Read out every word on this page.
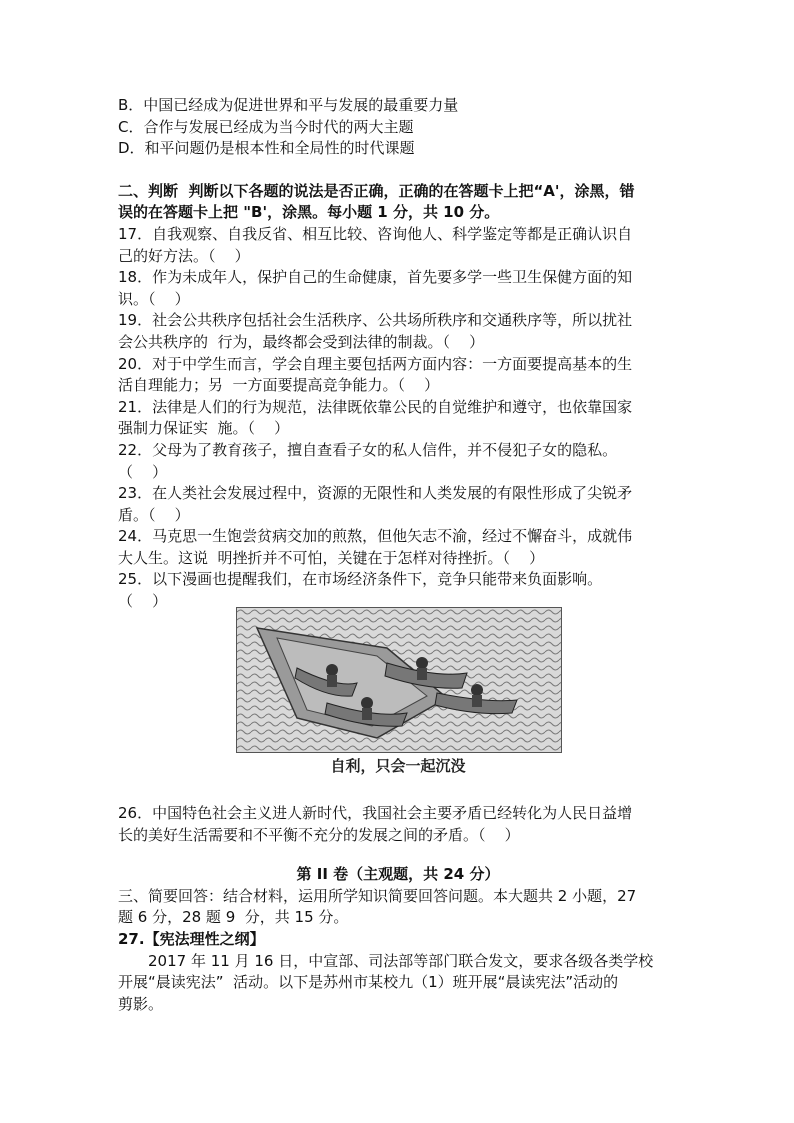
B．中国已经成为促进世界和平与发展的最重要力量
C．合作与发展已经成为当今时代的两大主题
D．和平问题仍是根本性和全局性的时代课题
二、判断  判断以下各题的说法是否正确，正确的在答题卡上把“A'，涂黑，错
误的在答题卡上把 "B'，涂黑。每小题 1 分，共 10 分。
17．自我观察、自我反省、相互比较、咨询他人、科学鉴定等都是正确认识自
己的好方法。（    ）
18．作为未成年人，保护自己的生命健康，首先要多学一些卫生保健方面的知
识。（    ）
19．社会公共秩序包括社会生活秩序、公共场所秩序和交通秩序等，所以扰社
会公共秩序的  行为，最终都会受到法律的制裁。（    ）
20．对于中学生而言，学会自理主要包括两方面内容：一方面要提高基本的生
活自理能力；另  一方面要提高竞争能力。（    ）
21．法律是人们的行为规范，法律既依靠公民的自觉维护和遵守，也依靠国家
强制力保证实  施。（    ）
22．父母为了教育孩子，擅自查看子女的私人信件，并不侵犯子女的隐私。
（    ）
23．在人类社会发展过程中，资源的无限性和人类发展的有限性形成了尖锐矛
盾。（    ）
24．马克思一生饱尝贫病交加的煎熬，但他矢志不渝，经过不懈奋斗，成就伟
大人生。这说  明挫折并不可怕，关键在于怎样对待挫折。（    ）
25．以下漫画也提醒我们，在市场经济条件下，竞争只能带来负面影响。
（    ）
自利，只会一起沉没
26．中国特色社会主义进人新时代，我国社会主要矛盾已经转化为人民日益增
长的美好生活需要和不平衡不充分的发展之间的矛盾。（    ）
第 II 卷（主观题，共 24 分）
三、简要回答：结合材料，运用所学知识简要回答问题。本大题共 2 小题，27
题 6 分，28 题 9  分，共 15 分。
27.【宪法理性之纲】
2017 年 11 月 16 日，中宣部、司法部等部门联合发文，要求各级各类学校
开展“晨读宪法”  活动。以下是苏州市某校九（1）班开展“晨读宪法”活动的
剪影。
